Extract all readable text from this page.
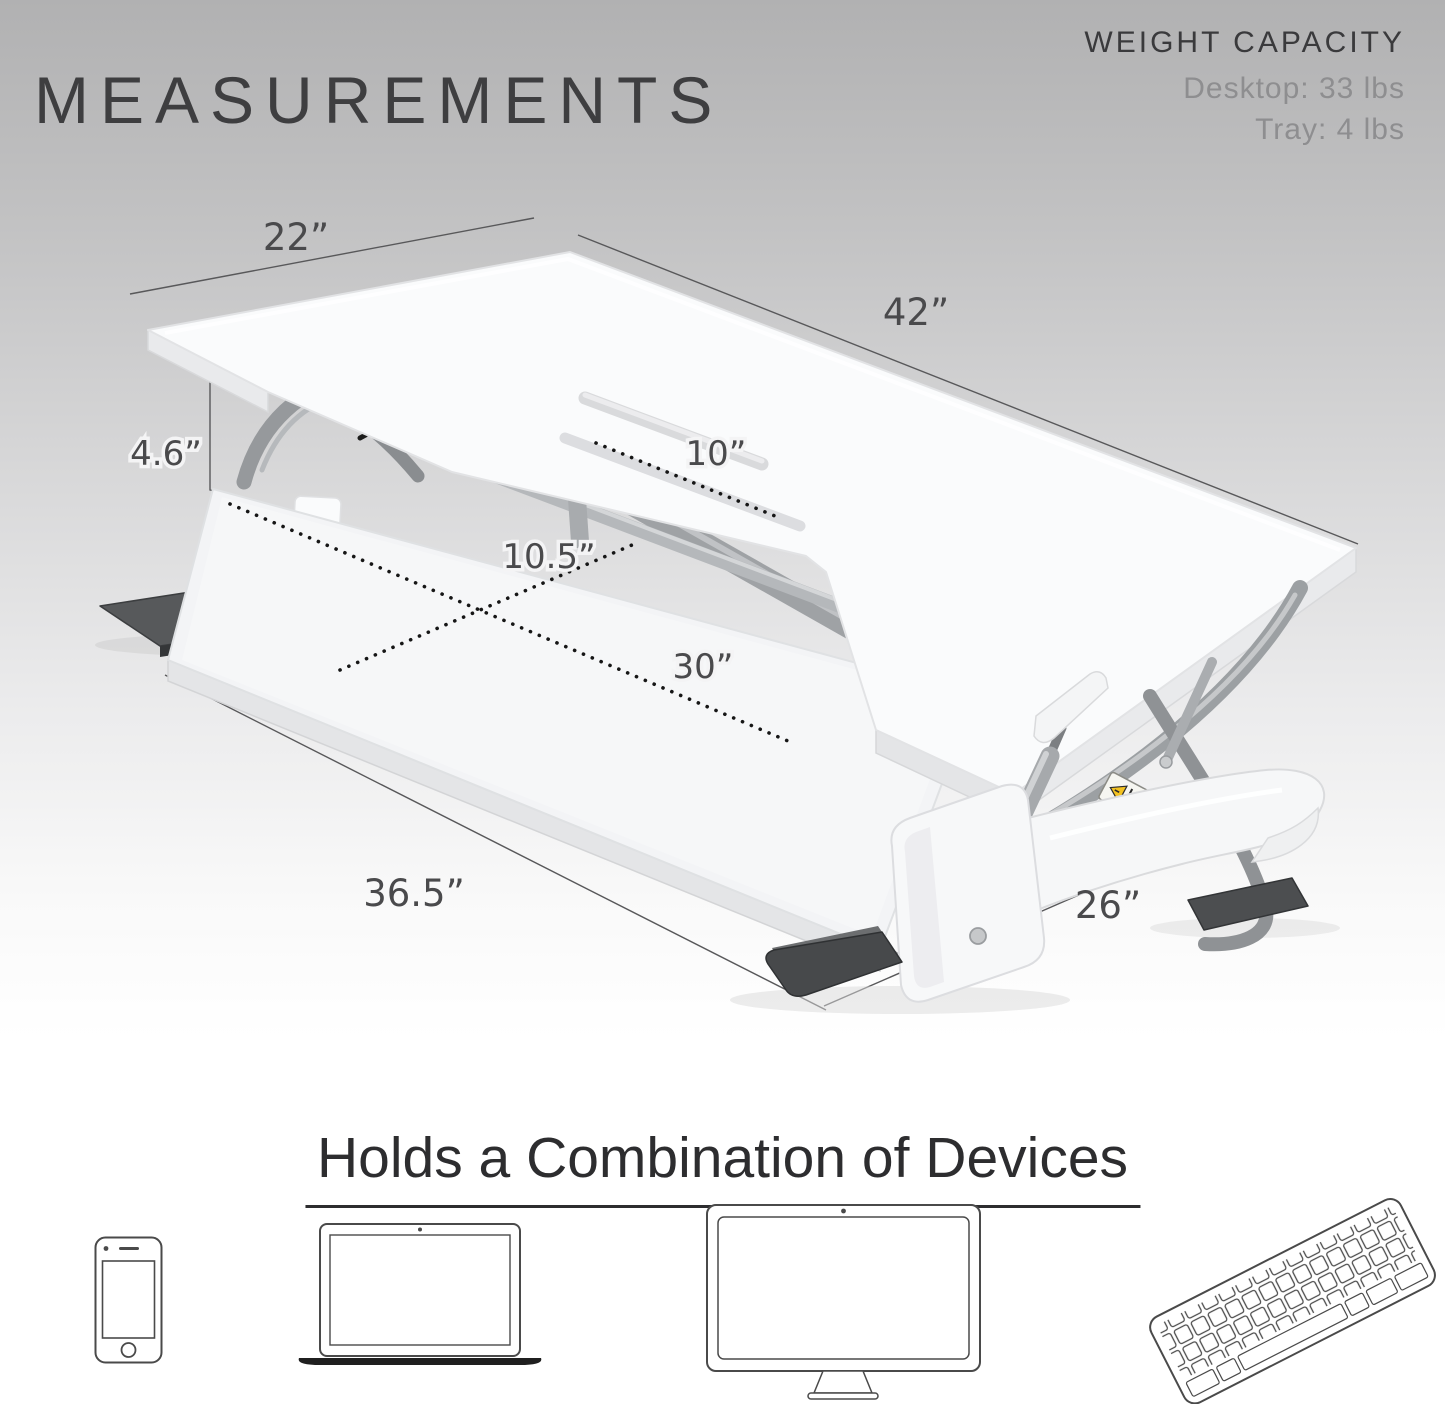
MEASUREMENTS
WEIGHT CAPACITY
Desktop: 33 lbs
Tray: 4 lbs
22”
42”
10”
4.6”
10.5”
30”
36.5”	26”
Holds a Combination of Devices
